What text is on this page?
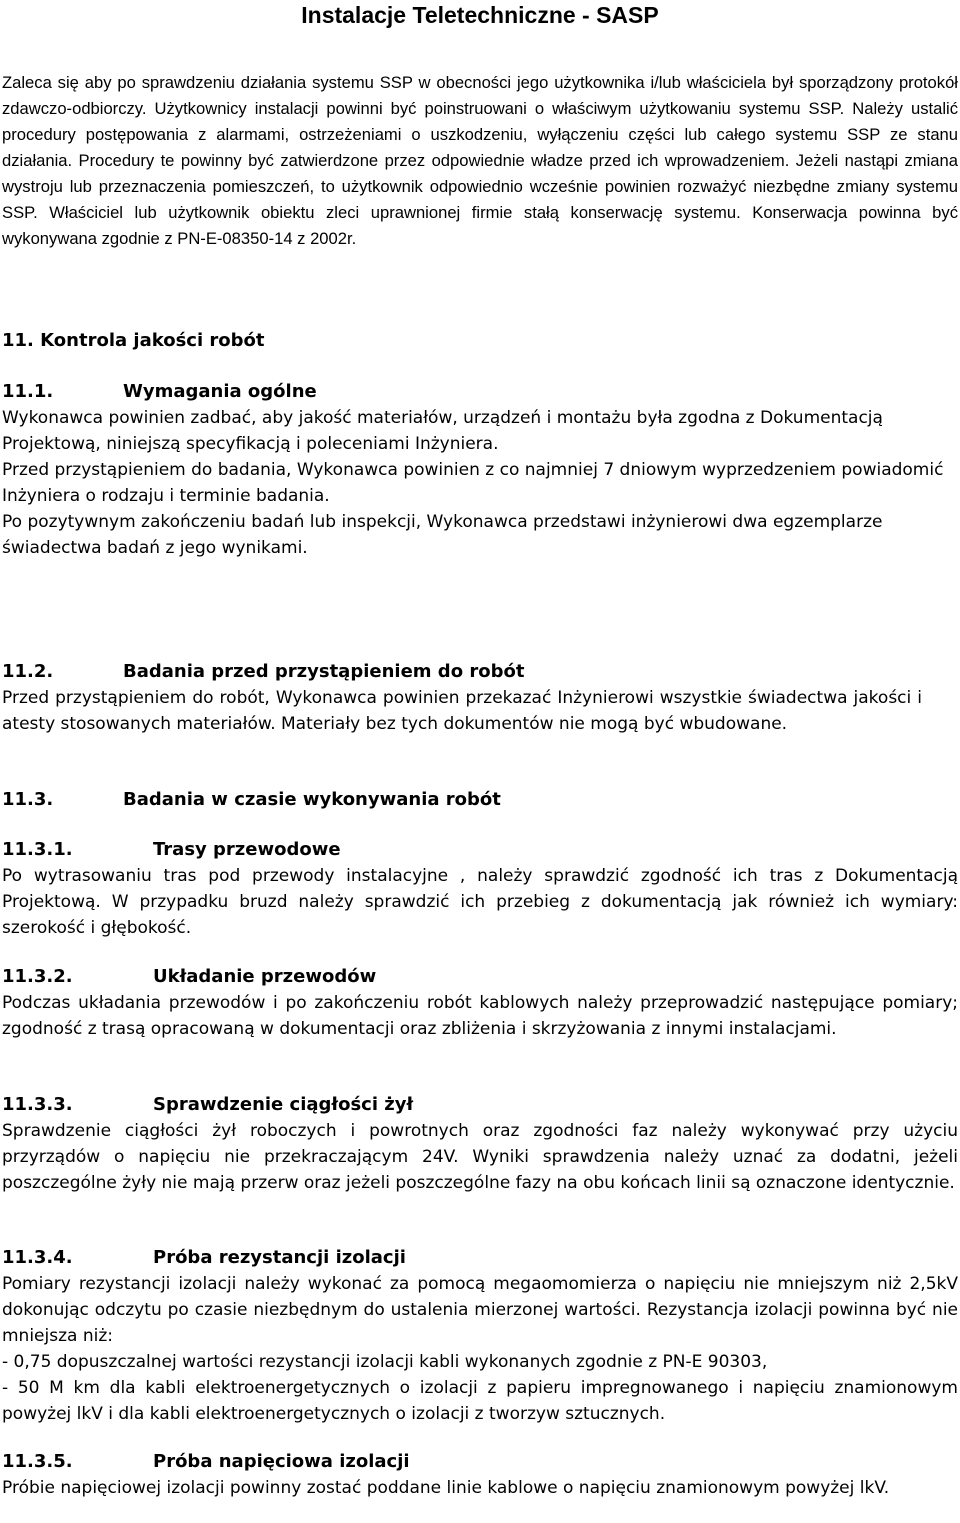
Instalacje Teletechniczne - SASP

Zaleca się aby po sprawdzeniu działania systemu SSP w obecności jego użytkownika i/lub właściciela był sporządzony protokół zdawczo-odbiorczy. Użytkownicy instalacji powinni być poinstruowani o właściwym użytkowaniu systemu SSP. Należy ustalić procedury postępowania z alarmami, ostrzeżeniami o uszkodzeniu, wyłączeniu części lub całego systemu SSP ze stanu działania. Procedury te powinny być zatwierdzone przez odpowiednie władze przed ich wprowadzeniem. Jeżeli nastąpi zmiana wystroju lub przeznaczenia pomieszczeń, to użytkownik odpowiednio wcześnie powinien rozważyć niezbędne zmiany systemu SSP. Właściciel lub użytkownik obiektu zleci uprawnionej firmie stałą konserwację systemu. Konserwacja powinna być wykonywana zgodnie z PN-E-08350-14 z 2002r.

11. Kontrola jakości robót
11.1.	Wymagania ogólne
Wykonawca powinien zadbać, aby jakość materiałów, urządzeń i montażu była zgodna z Dokumentacją
Projektową, niniejszą specyfikacją i poleceniami Inżyniera.
Przed przystąpieniem do badania, Wykonawca powinien z co najmniej 7 dniowym wyprzedzeniem powiadomić
Inżyniera o rodzaju i terminie badania.
Po pozytywnym zakończeniu badań lub inspekcji, Wykonawca przedstawi inżynierowi dwa egzemplarze
świadectwa badań z jego wynikami.
11.2.	Badania przed przystąpieniem do robót

Przed przystąpieniem do robót, Wykonawca powinien przekazać Inżynierowi wszystkie świadectwa jakości i atesty stosowanych materiałów. Materiały bez tych dokumentów nie mogą być wbudowane.

11.3.	Badania w czasie wykonywania robót
11.3.1.	Trasy przewodowe

Po wytrasowaniu tras pod przewody instalacyjne , należy sprawdzić zgodność ich tras z Dokumentacją Projektową. W przypadku bruzd należy sprawdzić ich przebieg z dokumentacją jak również ich wymiary: szerokość i głębokość.

11.3.2.	Układanie przewodów

Podczas układania przewodów i po zakończeniu robót kablowych należy przeprowadzić następujące pomiary; zgodność z trasą opracowaną w dokumentacji oraz zbliżenia i skrzyżowania z innymi instalacjami.

11.3.3.	Sprawdzenie ciągłości żył

Sprawdzenie ciągłości żył roboczych i powrotnych oraz zgodności faz należy wykonywać przy użyciu przyrządów o napięciu nie przekraczającym 24V. Wyniki sprawdzenia należy uznać za dodatni, jeżeli poszczególne żyły nie mają przerw oraz jeżeli poszczególne fazy na obu końcach linii są oznaczone identycznie.

11.3.4.	Próba rezystancji izolacji
Pomiary rezystancji izolacji należy wykonać za pomocą megaomomierza o napięciu nie mniejszym niż 2,5kV dokonując odczytu po czasie niezbędnym do ustalenia mierzonej wartości. Rezystancja izolacji powinna być nie mniejsza niż:
- 0,75 dopuszczalnej wartości rezystancji izolacji kabli wykonanych zgodnie z PN-E 90303,
- 50 M km dla kabli elektroenergetycznych o izolacji z papieru impregnowanego i napięciu znamionowym powyżej lkV i dla kabli elektroenergetycznych o izolacji z tworzyw sztucznych.
11.3.5.	Próba napięciowa izolacji

Próbie napięciowej izolacji powinny zostać poddane linie kablowe o napięciu znamionowym powyżej lkV.
